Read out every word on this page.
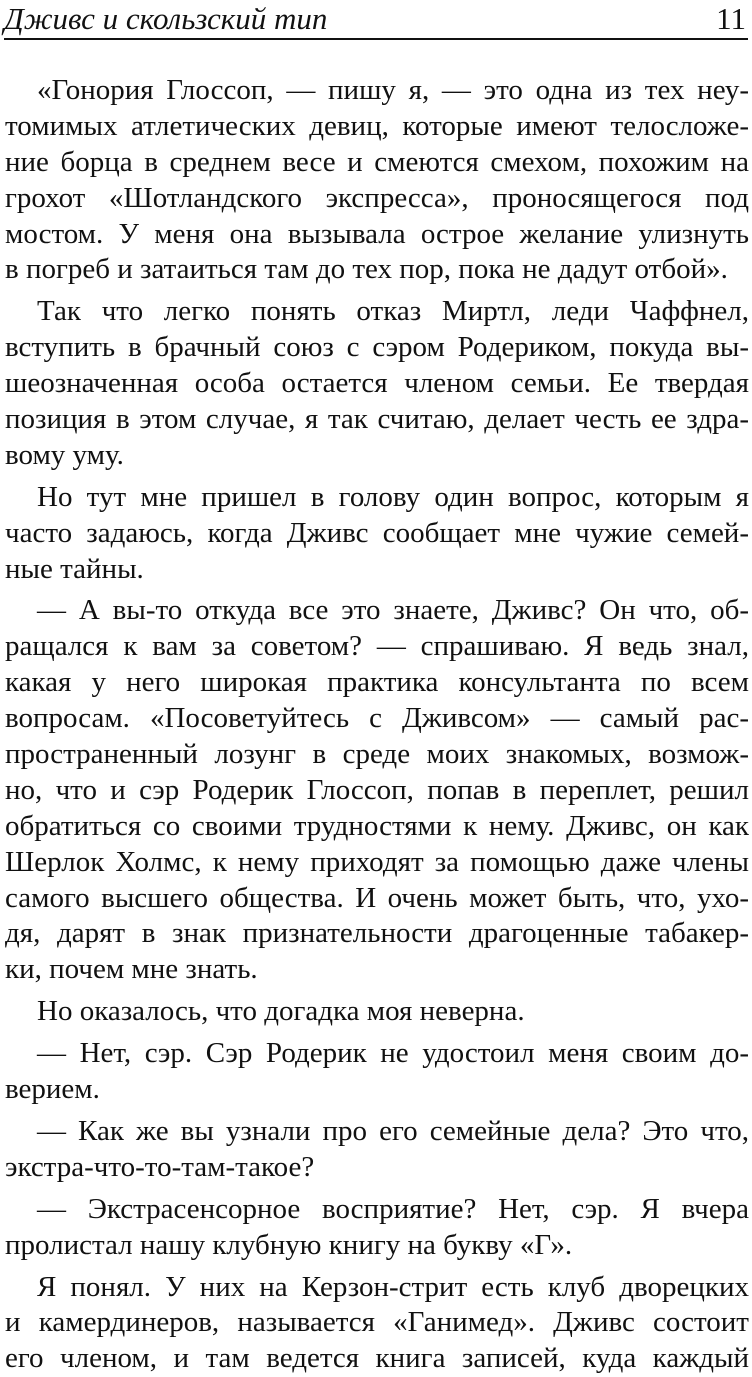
Дживс и скользский тип	11
«Гонория Глоссоп, — пишу я, — это одна из тех неу-
томимых атлетических девиц, которые имеют телосложе-
ние борца в среднем весе и смеются смехом, похожим на
грохот «Шотландского экспресса», проносящегося под
мостом. У меня она вызывала острое желание улизнуть
в погреб и затаиться там до тех пор, пока не дадут отбой».
Так что легко понять отказ Миртл, леди Чаффнел,
вступить в брачный союз с сэром Родериком, покуда вы-
шеозначенная особа остается членом семьи. Ее твердая
позиция в этом случае, я так считаю, делает честь ее здра-
вому уму.
Но тут мне пришел в голову один вопрос, которым я
часто задаюсь, когда Дживс сообщает мне чужие семей-
ные тайны.
— А вы-то откуда все это знаете, Дживс? Он что, об-
ращался к вам за советом? — спрашиваю. Я ведь знал,
какая у него широкая практика консультанта по всем
вопросам. «Посоветуйтесь с Дживсом» — самый рас-
пространенный лозунг в среде моих знакомых, возмож-
но, что и сэр Родерик Глоссоп, попав в переплет, решил
обратиться со своими трудностями к нему. Дживс, он как
Шерлок Холмс, к нему приходят за помощью даже члены
самого высшего общества. И очень может быть, что, ухо-
дя, дарят в знак признательности драгоценные табакер-
ки, почем мне знать.
Но оказалось, что догадка моя неверна.
— Нет, сэр. Сэр Родерик не удостоил меня своим до-
верием.
— Как же вы узнали про его семейные дела? Это что,
экстра-что-то-там-такое?
— Экстрасенсорное восприятие? Нет, сэр. Я вчера
пролистал нашу клубную книгу на букву «Г».
Я понял. У них на Керзон-стрит есть клуб дворецких
и камердинеров, называется «Ганимед». Дживс состоит
его членом, и там ведется книга записей, куда каждый
